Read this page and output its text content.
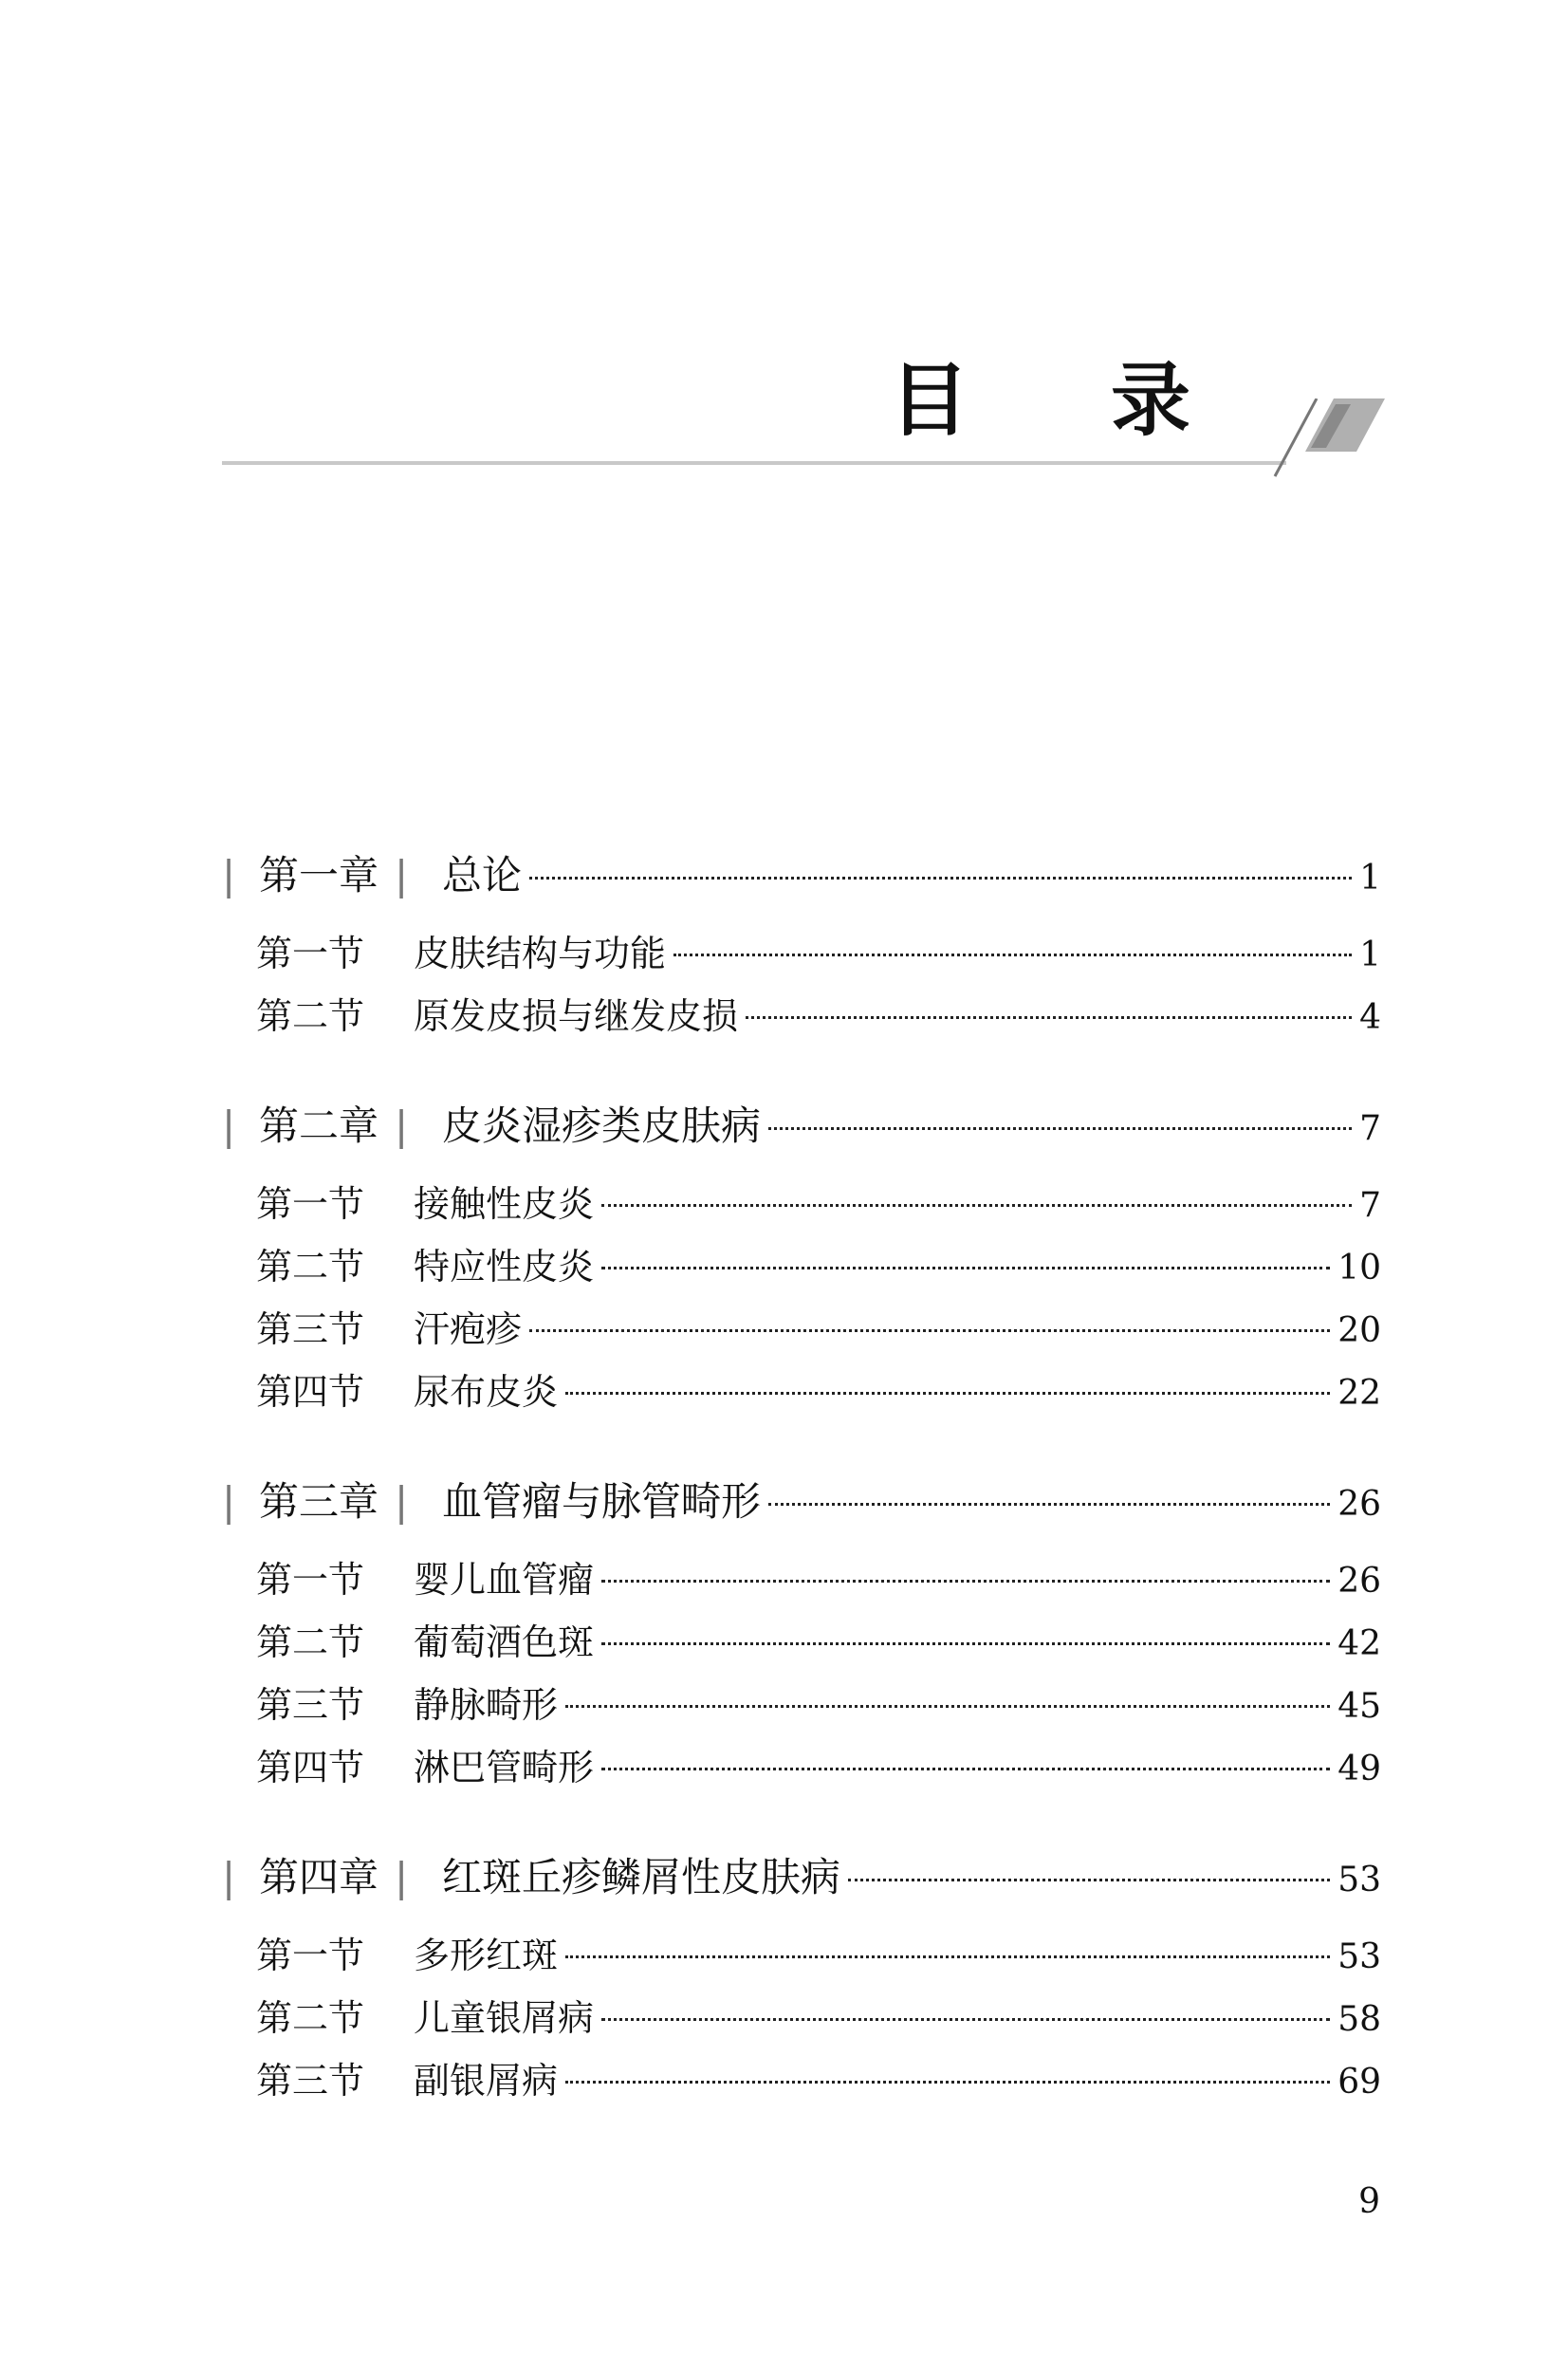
目 录
| 第一章 | 总论	1
第一节	皮肤结构与功能	1
第二节	原发皮损与继发皮损	4
| 第二章 | 皮炎湿疹类皮肤病	7
第一节	接触性皮炎	7
第二节	特应性皮炎	10
第三节	汗疱疹	20
第四节	尿布皮炎	22
| 第三章 | 血管瘤与脉管畸形	26
第一节	婴儿血管瘤	26
第二节	葡萄酒色斑	42
第三节	静脉畸形	45
第四节	淋巴管畸形	49
| 第四章 | 红斑丘疹鳞屑性皮肤病	53
第一节	多形红斑	53
第二节	儿童银屑病	58
第三节	副银屑病	69

9
